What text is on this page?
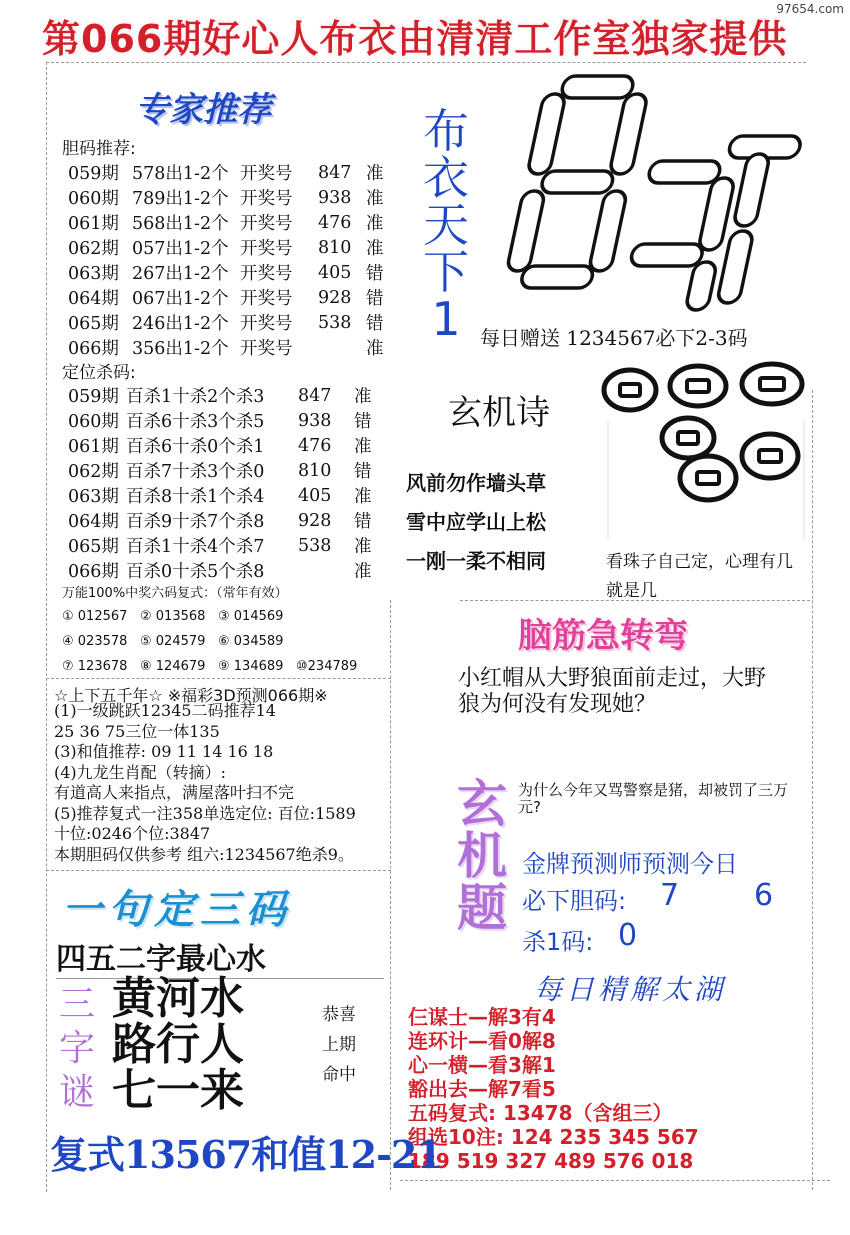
97654.com
第066期好心人布衣由清清工作室独家提供
专家推荐
胆码推荐:
059期	578出1-2个	开奖号	847	准
060期	789出1-2个	开奖号	938	准
061期	568出1-2个	开奖号	476	准
062期	057出1-2个	开奖号	810	准
063期	267出1-2个	开奖号	405	错
064期	067出1-2个	开奖号	928	错
065期	246出1-2个	开奖号	538	错
066期	356出1-2个	开奖号		准
定位杀码:
059期	百杀1十杀2个杀3	847	准
060期	百杀6十杀3个杀5	938	错
061期	百杀6十杀0个杀1	476	准
062期	百杀7十杀3个杀0	810	错
063期	百杀8十杀1个杀4	405	准
064期	百杀9十杀7个杀8	928	错
065期	百杀1十杀4个杀7	538	准
066期	百杀0十杀5个杀8		准
万能100%中奖六码复式：（常年有效）
① 012567 ② 013568 ③ 014569
④ 023578 ⑤ 024579 ⑥ 034589
⑦ 123678 ⑧ 124679 ⑨ 134689 ⑩234789
布
衣
天
下
1 每日赠送 1234567必下2-3码
玄机诗
风前勿作墙头草
雪中应学山上松
一刚一柔不相同	看珠子自己定，心理有几就是几
脑筋急转弯
小红帽从大野狼面前走过，大野狼为何没有发现她？
☆上下五千年☆ ※福彩3D预测066期※
(1)一级跳跃12345二码推荐14
25 36 75三位一体135
(3)和值推荐: 09 11 14 16 18
(4)九龙生肖配（转摘）:
有道高人来指点，满屋落叶扫不完
(5)推荐复式一注358单选定位: 百位:1589
十位:0246个位:3847
本期胆码仅供参考 组六:1234567绝杀9。
玄
机
题
为什么今年又骂警察是猪，却被罚了三万元?
金牌预测师预测今日
必下胆码: 7 6
杀1码: 0
一句定三码
四五二字最心水
三
字
谜
黄河水
路行人
七一来
恭喜
上期
命中
每日精解太湖
仨谋士—解3有4
连环计—看0解8
心一横—看3解1
豁出去—解7看5
五码复式: 13478（含组三）
组选10注: 124 235 345 567
189 519 327 489 576 018
复式13567和值12-21
